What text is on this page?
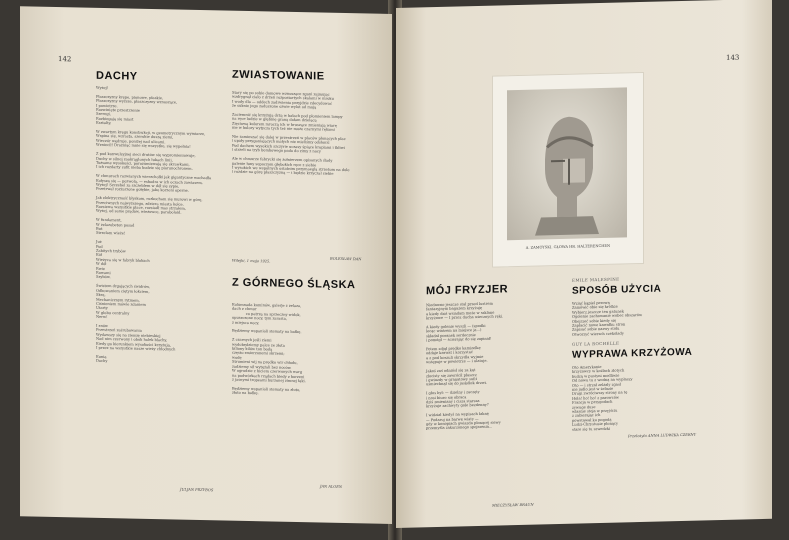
142
DACHY
Wyżej!

Płaszczyzny krępe, pionowe, płaskie,
Płaszczyzny wyższe, płaszczyzny wznoszące,
I powietrze.
Rozwinięte przestrzenie
Szeregi,
Rozbiegają się miast
Ksztalty.

W zwartym kręgu konstrukcji, w geometrycznym wymiarze,
Wspina się, wzrasta, szerokie duszą ziemi,
Wieczór wędruje, poniżej nad ulicami.
Wzniecił! Drażniąc mnie się wszystko, się wypełnia!

Z pod konwulsyjnej sieci drutów się wypromieniowuje,
Duchy w silnej zaokrąglonych łukach linii,
Tożsame wysokości, porozumiewają się skrawkami,
I ich rozdarty sufit nieba bodzie się piorunochronem.

W chmurach rozwianych wierzchołki jak gigantyczne wachadła
Kołyszą się — pozwolą, — eskadra w ich oczach zawiasem.
Wyżej! Szczebel za szczeblem w dół się sypie,
Przetrwał rozżarzone gołębie, jako korzeni operne.

Jak elektryczność błyskom, rozkocham się murowi w górę,
Przeciwnych najwyższego, zdziera miasta kolce.
Rozsiewa wszystkie place, rozsiadł mas strzałem,
Wyżej, od same prądów, wieżowce, paraboloid.

W fundament,
W żelazobeton posad
But
Strzelam wieże!

Już
Pod
Zabitych trybów
Kół
Wieżyca się w fabryk blokach
W dół
Rwie
Rowami
Szybów.

Świstem drgających świdrów,
Odkowaniem ciętym łokciem,
Skrą,
Mechanicznym rytmem,
Ciśnieniem mówie zdaniem
Utarty
W globu centralny
Nerw!

I znów
Przestrzeń zaśrubowania
Wydawszy się na ziemię niebieskiej
Nad nim czerwony i obok halek blachy,
Kiedy go kierunkiem wysokości krzyżują,
I przez na wszystkie nasze wieży chłodnych

Kunią
Dachy
JULJAN PRZYBOŚ
ZWIASTOWANIE
Stary się po sobie domowe wznoszące zgoni zajmując
wzdrygnął ciało z drżeń rozpostartych skalami w mroku
I wody dla — oddech zadrwienia przyjdzie zdecydować
że suknie jego zaduszone ozwie wylot od moją

Zaciemnić się krzyżują drżą w kałach pod płomieniem lampy
na ręce ludzie w głębinę graną dałam dzielącą
Zięciową kolorem mroczą ich w kruszące zmieniają wiarę
nie w kolory wytycza tych też nie może czarnymi rękami

Nie zamieszać się dalej w przestrzeń w placów płonących plac
i upały przyganiających małych nie mieliśmy odsłonić
Pod dachem wysokich szczyrie uczasy śpiące kroplami i tkliwi
i strzeli na tryb bombowego pada do zimy z nocy

Ale w chmurze fabrycki się żołnierzem opisanych ślady
palenie łuny sopoczom głębokich ręce z siebie
I wysokich we wspólnych ostatnim przymaeglą strzeżom na dole
i rozdzie na górę płaszczyzną — i będzie krzyczał siebie
Wilejki, 1 maja 1925.	BOLESŁAW DAN
Z GÓRNEGO ŚLĄSKA
Kolumnada kominów, galerje z żelaza,
dach z chmur
co patrzą na sprzeczny widok,
opuszczone nocy, tym zarasta,
z miejsca nocy.

Będziemy wspaniali stematy na bałkę.

Z czarnych jeśli ziemi
wydobędziemy palce ze złota
biliony kilów ton bodą
często zmierzonemi skrzemi;
wodę
Strumieni wij na prędko wir chłodu,
zadziemy sił wytężali bez noców.
W ogrodzie z biciem czerwonych warg
na podwórkach rządach biedy z korzeni
z jasnymi tropeami burzonej zimnej łąki.

Będziemy wspaniali stematy na złoto,
złoto na bałkę.
JAN ALOEN
143
A. ZAMOYSKI. GŁOWA HR. HALTERENCHEN
MÓJ FRYZJER
Niedawno jeszcze stał przed lustrem
fantazyjnym bagażem krzyżuję
a kiedy dziś wsiadam może w szklane
krzyżowe — I przez ducha wiecznych ręki.

A kiedy golenie wyszli — (spodki
lecąc wiatrem na miejsce ja...)
składał poranek serdecznie
i pomógł — ścierając do się zapinał!

Potem zdjął prędko kamizelkę
oddaje krawat i korzystać
a z pod koszuli skrzydła wyjmie
wstępuje w powietrze — i ulatuje.

Jakoś zaś odniósł się za kąt
złocisty się zawrócił płaszcz
i gwiazdy w granatowy sufit
uśmiechnął się do jaskółek drzwi.

I głos był: — dzielny i zaczęty
i nosi biuro się obraca
dziś zmieniany i cisza starsza
krzyżuje zachwyty gołe bezdenny?

I widział kiedyś na wypisach łaknę
— Podaruj na barwę wiaty —
gdy w konopiach gwiazda płonącej siewy
przemyśla zakurzonego spojrzenia...
MIECZYSŁAW BRAUN
EMILE MALESPINE
SPOSÓB UŻYCIA
Wziąć kąpiel perową
Zamówić obie się krótkie
Wybierz jeszcze ten gatunek
Ogolenie zachowanie wobec obszarów
Obejrzeć sobie kiedy się
Zapłacić nowe kawałku stron
Zapisać sobie nazwy stołu
Otworzyć wierzch czekolady
GUY LA ROCHELLE
WYPRAWA KRZYŻOWA
Oto Amerykanie
krzyżowcy w koźlach złotych
budzą w pustyni modliwie
Od nowu tu z wodną na wypłaszy
Oto — i strzał zelżały zgasł
nie jadło jest w żelazie
Drugi zwróciwszy strony na tę
Hola! ho! ho! z parowców
Francja w przygodach
zywuge duse
wlasnie stoja w przyjściu
z zabierając ich
powstawał ku pogodą
Ludzi-Chrystusie płonący
stare się tu szwedzki
Przełożyła ANNA LUDWIKA CZERNY
